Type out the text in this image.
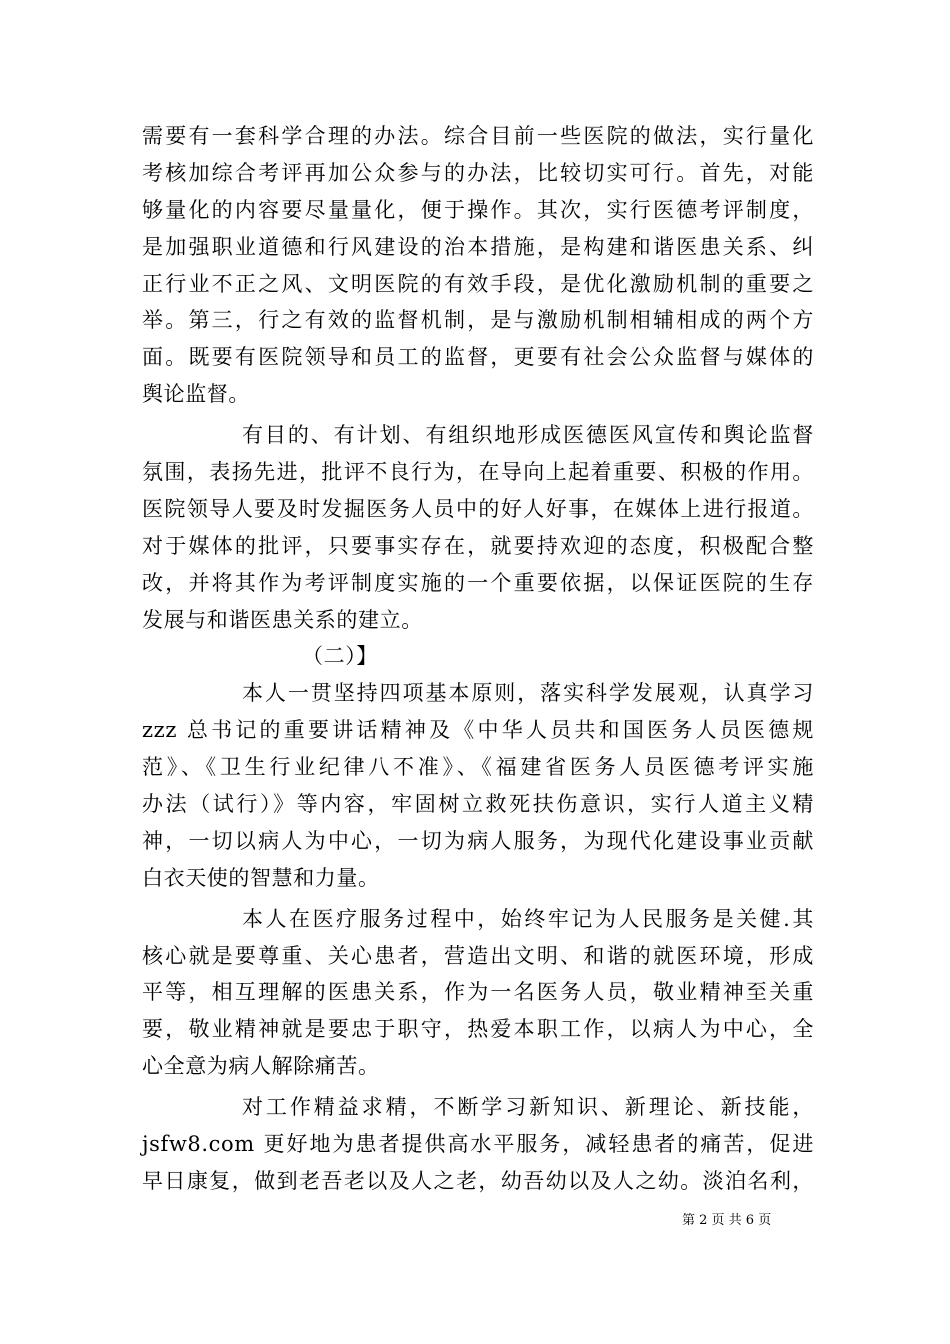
需要有一套科学合理的办法。综合目前一些医院的做法，实行量化
考核加综合考评再加公众参与的办法，比较切实可行。首先，对能
够量化的内容要尽量量化，便于操作。其次，实行医德考评制度，
是加强职业道德和行风建设的治本措施，是构建和谐医患关系、纠
正行业不正之风、文明医院的有效手段，是优化激励机制的重要之
举。第三，行之有效的监督机制，是与激励机制相辅相成的两个方
面。既要有医院领导和员工的监督，更要有社会公众监督与媒体的
舆论监督。
有目的、有计划、有组织地形成医德医风宣传和舆论监督
氛围，表扬先进，批评不良行为，在导向上起着重要、积极的作用。
医院领导人要及时发掘医务人员中的好人好事，在媒体上进行报道。
对于媒体的批评，只要事实存在，就要持欢迎的态度，积极配合整
改，并将其作为考评制度实施的一个重要依据，以保证医院的生存
发展与和谐医患关系的建立。
（二）】
本人一贯坚持四项基本原则，落实科学发展观，认真学习
zzz 总书记的重要讲话精神及《中华人员共和国医务人员医德规
范》、《卫生行业纪律八不准》、《福建省医务人员医德考评实施
办法（试行）》等内容，牢固树立救死扶伤意识，实行人道主义精
神，一切以病人为中心，一切为病人服务，为现代化建设事业贡献
白衣天使的智慧和力量。
本人在医疗服务过程中，始终牢记为人民服务是关健.其
核心就是要尊重、关心患者，营造出文明、和谐的就医环境，形成
平等，相互理解的医患关系，作为一名医务人员，敬业精神至关重
要，敬业精神就是要忠于职守，热爱本职工作，以病人为中心，全
心全意为病人解除痛苦。
对工作精益求精，不断学习新知识、新理论、新技能，
jsfw8.com 更好地为患者提供高水平服务，减轻患者的痛苦，促进
早日康复，做到老吾老以及人之老，幼吾幼以及人之幼。淡泊名利，
第 2 页 共 6 页
